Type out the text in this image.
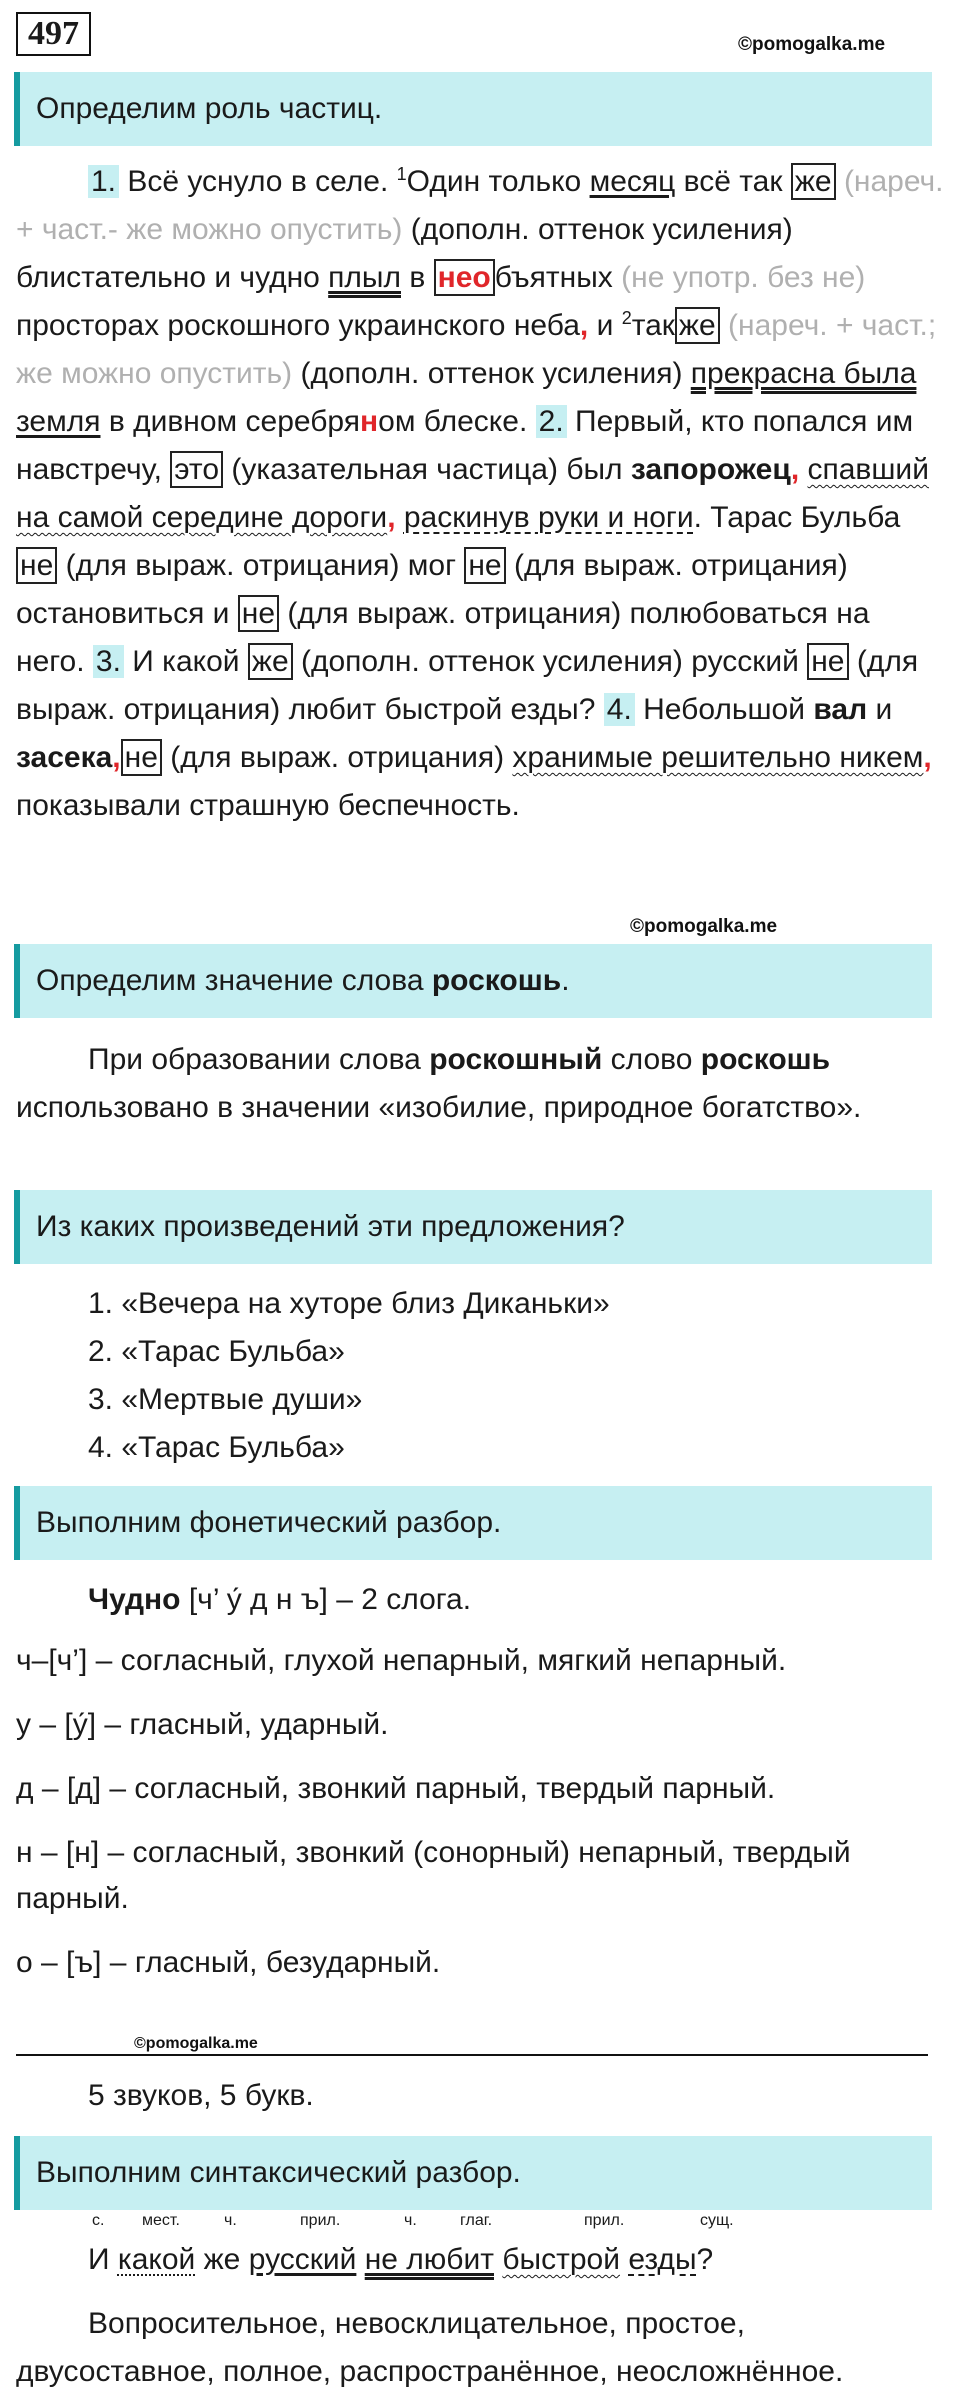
497	©pomogalka.me
Определим роль частиц.
1. Всё уснуло в селе. $^1$Один только месяц всё так же (нареч. + част.- же можно опустить) (дополн. оттенок усиления) блистательно и чудно плыл в нео бъятных (не употр. без не) просторах роскошного украинского неба, и $^2$так же (нареч. + част.; же можно опустить) (дополн. оттенок усиления) прекрасна была земля в дивном серебряном блеске. 2. Первый, кто попался им навстречу, это (указательная частица) был запорожец, спавший на самой середине дороги, раскинув руки и ноги. Тарас Бульба не (для выраж. отрицания) мог не (для выраж. отрицания) остановиться и не (для выраж. отрицания) полюбоваться на него. 3. И какой же (дополн. оттенок усиления) русский не (для выраж. отрицания) любит быстрой езды? 4. Небольшой вал и засека, не (для выраж. отрицания) хранимые решительно никем, показывали страшную беспечность.
©pomogalka.me
Определим значение слова роскошь.
При образовании слова роскошный слово роскошь использовано в значении «изобилие, природное богатство».
Из каких произведений эти предложения?
1. «Вечера на хуторе близ Диканьки»
2. «Тарас Бульба»
3. «Мертвые души»
4. «Тарас Бульба»
Выполним фонетический разбор.
Чудно [ч’ у́ д н ъ] – 2 слога.
ч–[ч’] – согласный, глухой непарный, мягкий непарный.
у – [у́] – гласный, ударный.
д – [д] – согласный, звонкий парный, твердый парный.
н – [н] – согласный, звонкий (сонорный) непарный, твердый парный.
о – [ъ] – гласный, безударный.
©pomogalka.me
5 звуков, 5 букв.
Выполним синтаксический разбор.
с. мест.	ч.	прил.	ч.	глаг.	прил.	сущ.
И какой же русский не любит быстрой езды?
Вопросительное, невосклицательное, простое, двусоставное, полное, распространённое, неосложнённое.
